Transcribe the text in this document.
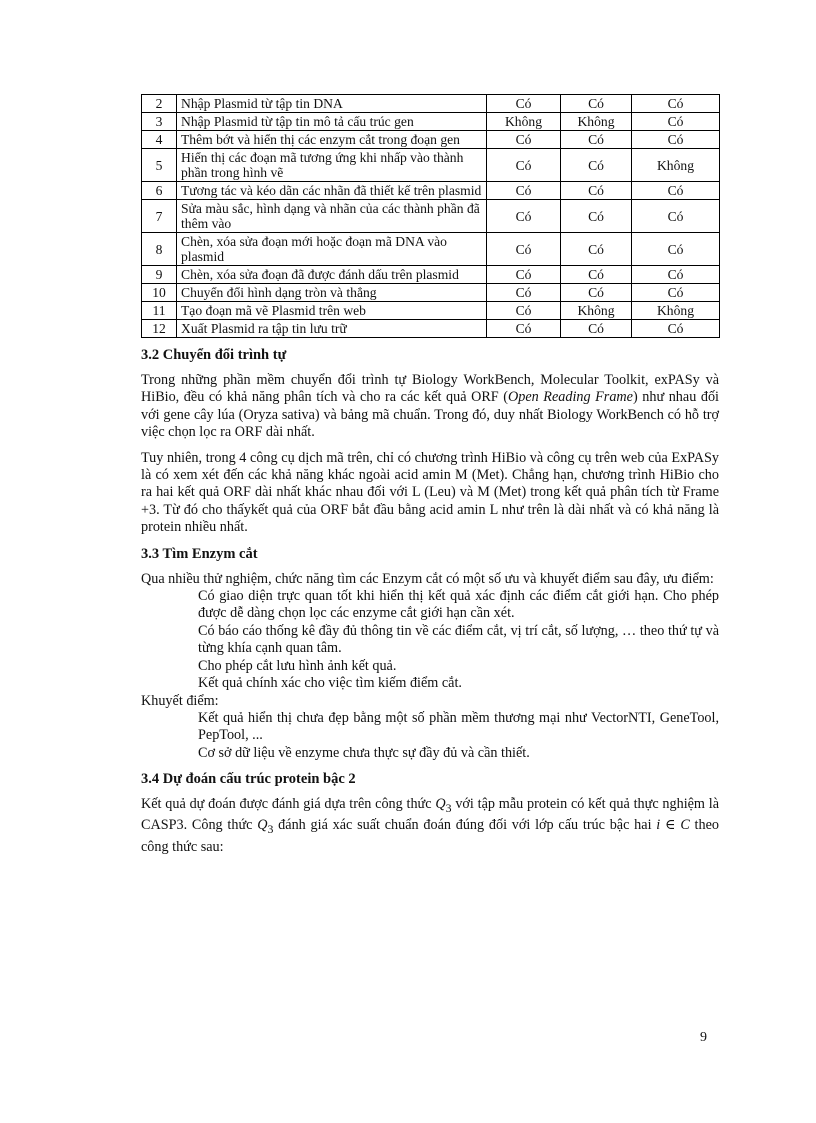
2	Nhập Plasmid từ tập tin DNA	Có	Có	Có
3	Nhập Plasmid từ tập tin mô tả cấu trúc gen	Không	Không	Có
4	Thêm bớt và hiển thị các enzym cắt trong đoạn gen	Có	Có	Có
5	Hiển thị các đoạn mã tương ứng khi nhấp vào thành phần trong hình vẽ	Có	Có	Không
6	Tương tác và kéo dãn các nhãn đã thiết kế trên plasmid	Có	Có	Có
7	Sửa màu sắc, hình dạng và nhãn của các thành phần đã thêm vào	Có	Có	Có
8	Chèn, xóa sửa đoạn mới hoặc đoạn mã DNA vào plasmid	Có	Có	Có
9	Chèn, xóa sửa đoạn đã được đánh dấu trên plasmid	Có	Có	Có
10	Chuyển đổi hình dạng tròn và thẳng	Có	Có	Có
11	Tạo đoạn mã vẽ Plasmid trên web	Có	Không	Không
12	Xuất Plasmid ra tập tin lưu trữ	Có	Có	Có
3.2 Chuyển đổi trình tự

Trong những phần mềm chuyển đổi trình tự Biology WorkBench, Molecular Toolkit, exPASy và HiBio, đều có khả năng phân tích và cho ra các kết quả ORF (Open Reading Frame) như nhau đối với gene cây lúa (Oryza sativa) và bảng mã chuẩn. Trong đó, duy nhất Biology WorkBench có hỗ trợ việc chọn lọc ra ORF dài nhất.

Tuy nhiên, trong 4 công cụ dịch mã trên, chỉ có chương trình HiBio và công cụ trên web của ExPASy là có xem xét đến các khả năng khác ngoài acid amin M (Met). Chẳng hạn, chương trình HiBio cho ra hai kết quả ORF dài nhất khác nhau đối với L (Leu) và M (Met) trong kết quả phân tích từ Frame +3. Từ đó cho thấykết quả của ORF bắt đầu bằng acid amin L như trên là dài nhất và có khả năng là protein nhiều nhất.

3.3 Tìm Enzym cắt

Qua nhiều thử nghiệm, chức năng tìm các Enzym cắt có một số ưu và khuyết điểm sau đây, ưu điểm:

Có giao diện trực quan tốt khi hiển thị kết quả xác định các điểm cắt giới hạn. Cho phép được dễ dàng chọn lọc các enzyme cắt giới hạn cần xét.

Có báo cáo thống kê đầy đủ thông tin về các điểm cắt, vị trí cắt, số lượng, … theo thứ tự và từng khía cạnh quan tâm.

Cho phép cắt lưu hình ảnh kết quả.

Kết quả chính xác cho việc tìm kiếm điểm cắt.

Khuyết điểm:

Kết quả hiển thị chưa đẹp bằng một số phần mềm thương mại như VectorNTI, GeneTool, PepTool, ...

Cơ sở dữ liệu về enzyme chưa thực sự đầy đủ và cần thiết.

3.4 Dự đoán cấu trúc protein bậc 2

Kết quả dự đoán được đánh giá dựa trên công thức $Q_3$ với tập mẫu protein có kết quả thực nghiệm là CASP3. Công thức $Q_3$ đánh giá xác suất chuẩn đoán đúng đối với lớp cấu trúc bậc hai i ∈ C theo công thức sau:

9
